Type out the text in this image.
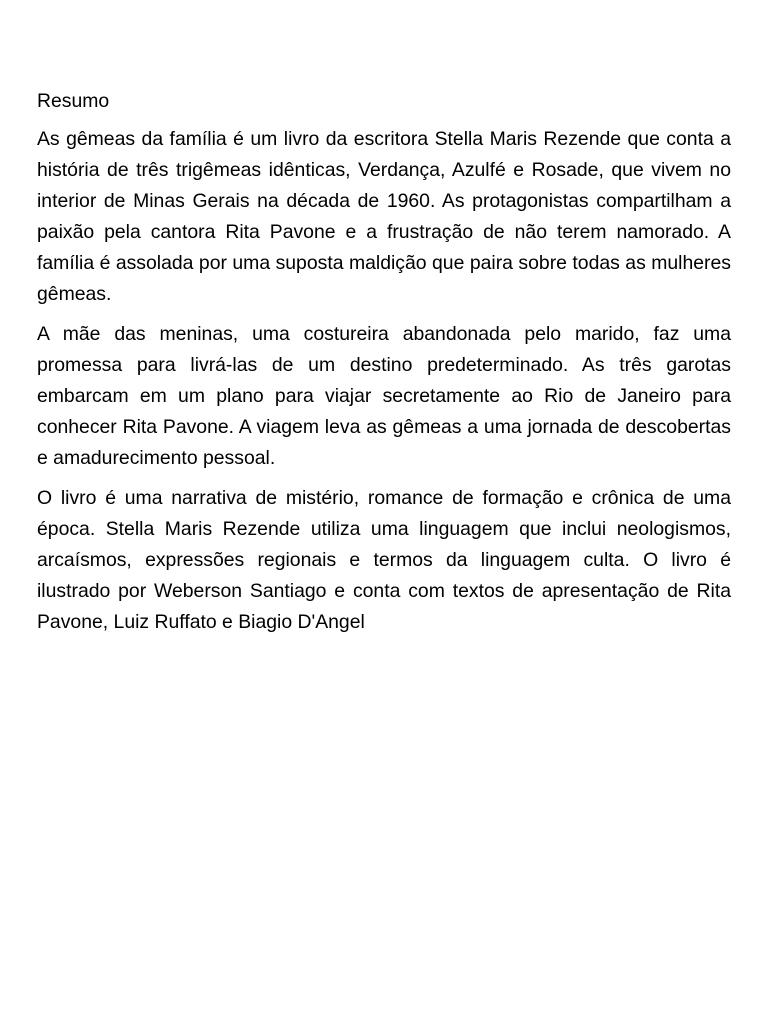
Resumo

As gêmeas da família é um livro da escritora Stella Maris Rezende que conta a história de três trigêmeas idênticas, Verdança, Azulfé e Rosade, que vivem no interior de Minas Gerais na década de 1960. As protagonistas compartilham a paixão pela cantora Rita Pavone e a frustração de não terem namorado. A família é assolada por uma suposta maldição que paira sobre todas as mulheres gêmeas.

A mãe das meninas, uma costureira abandonada pelo marido, faz uma promessa para livrá-las de um destino predeterminado. As três garotas embarcam em um plano para viajar secretamente ao Rio de Janeiro para conhecer Rita Pavone. A viagem leva as gêmeas a uma jornada de descobertas e amadurecimento pessoal.

O livro é uma narrativa de mistério, romance de formação e crônica de uma época. Stella Maris Rezende utiliza uma linguagem que inclui neologismos, arcaísmos, expressões regionais e termos da linguagem culta. O livro é ilustrado por Weberson Santiago e conta com textos de apresentação de Rita Pavone, Luiz Ruffato e Biagio D'Angel
